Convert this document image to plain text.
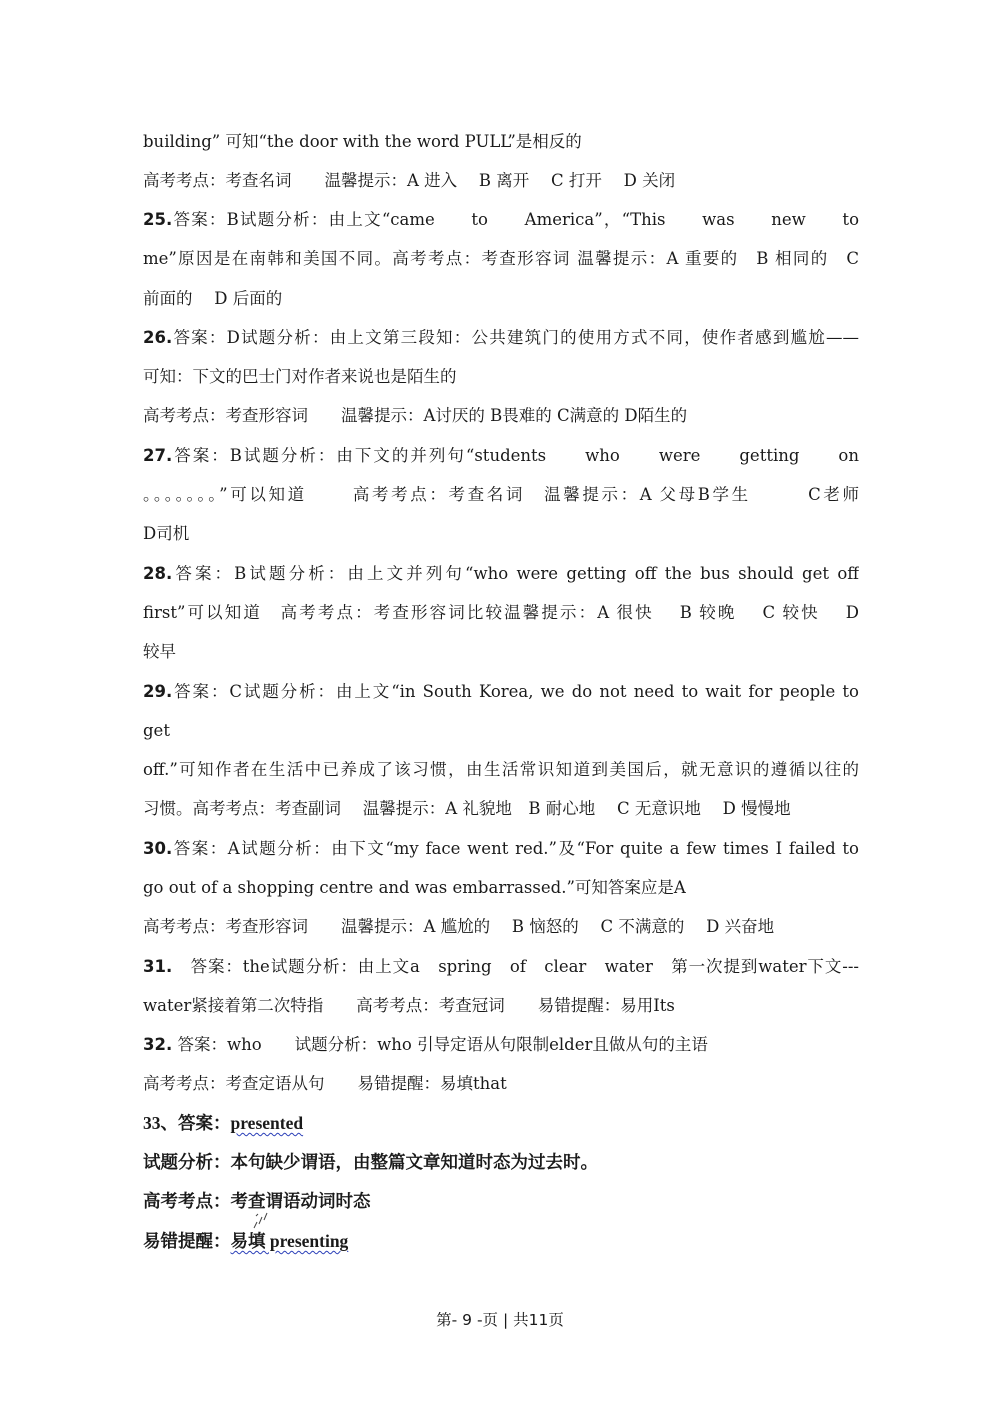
building” 可知“the door with the word PULL”是相反的
高考考点：考查名词　　温馨提示：A 进入　 B 离开　 C 打开　 D 关闭
25.答案：B试题分析：由上文“came　　to　　America”，“This　　was　　new　　to
me”原因是在南韩和美国不同。高考考点：考查形容词 温馨提示：A 重要的　B 相同的　C
前面的　 D 后面的
26.答案：D试题分析：由上文第三段知：公共建筑门的使用方式不同，使作者感到尴尬——
可知：下文的巴士门对作者来说也是陌生的
高考考点：考查形容词　　温馨提示：A讨厌的 B畏难的 C满意的 D陌生的
27.答案：B试题分析：由下文的并列句“students　　who　　were　　getting　　on
。。。。。。。”可以知道　　 高考考点：考查名词　温馨提示：A 父母B学生　　　C老师
D司机
28.答案：B试题分析：由上文并列句“who were getting off the bus should get off
first”可以知道　高考考点：考查形容词比较温馨提示：A 很快　 B 较晚　 C 较快　 D
较早
29.答案：C试题分析：由上文“in South Korea, we do not need to wait for people to
get
off.”可知作者在生活中已养成了该习惯，由生活常识知道到美国后，就无意识的遵循以往的
习惯。高考考点：考查副词　 温馨提示：A 礼貌地　B 耐心地　 C 无意识地　 D 慢慢地
30.答案：A试题分析：由下文“my face went red.”及“For quite a few times I failed to
go out of a shopping centre and was embarrassed.”可知答案应是A
高考考点：考查形容词　　温馨提示：A 尴尬的　 B 恼怒的　 C 不满意的　 D 兴奋地
31.　答案：the试题分析：由上文a　spring　of　clear　water　第一次提到water下文---
water紧接着第二次特指　　高考考点：考查冠词　　易错提醒：易用Its
32. 答案：who　　试题分析：who 引导定语从句限制elder且做从句的主语
高考考点：考查定语从句　　易错提醒：易填that
33、答案：presented
试题分析：本句缺少谓语，由整篇文章知道时态为过去时。
高考考点：考查谓语动词时态
易错提醒：易填 presenting
第- 9 -页 | 共11页
